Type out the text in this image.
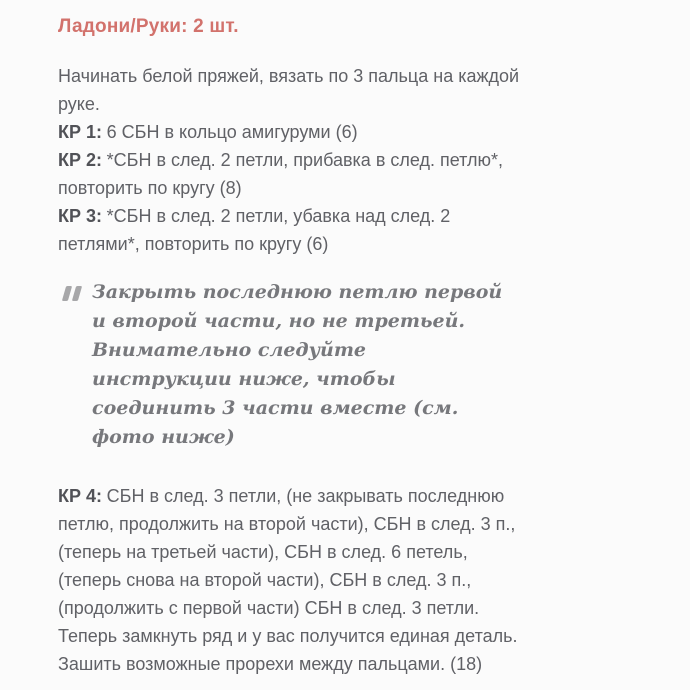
Ладони/Руки: 2 шт.

Начинать белой пряжей, вязать по 3 пальца на каждой руке.

КР 1: 6 СБН в кольцо амигуруми (6)

КР 2: *СБН в след. 2 петли, прибавка в след. петлю*, повторить по кругу (8)

КР 3: *СБН в след. 2 петли, убавка над след. 2 петлями*, повторить по кругу (6)

Закрыть последнюю петлю первой и второй части, но не третьей. Внимательно следуйте инструкции ниже, чтобы соединить 3 части вместе (см. фото ниже)

КР 4: СБН в след. 3 петли, (не закрывать последнюю петлю, продолжить на второй части), СБН в след. 3 п., (теперь на третьей части), СБН в след. 6 петель, (теперь снова на второй части), СБН в след. 3 п., (продолжить с первой части) СБН в след. 3 петли. Теперь замкнуть ряд и у вас получится единая деталь. Зашить возможные прорехи между пальцами. (18)
